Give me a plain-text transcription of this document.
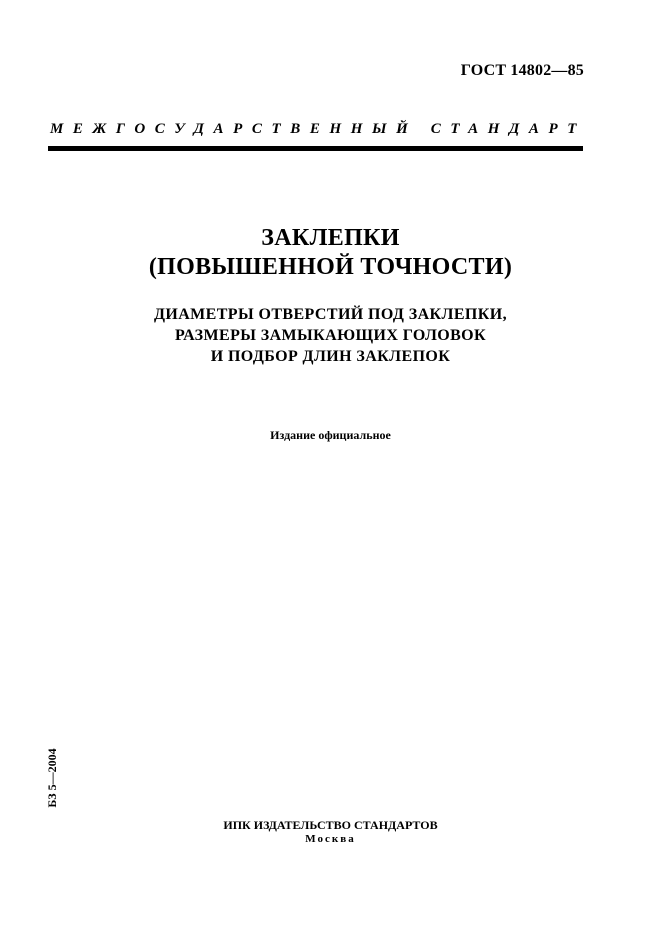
ГОСТ 14802—85
МЕЖГОСУДАРСТВЕННЫЙ СТАНДАРТ
ЗАКЛЕПКИ
(ПОВЫШЕННОЙ ТОЧНОСТИ)
ДИАМЕТРЫ ОТВЕРСТИЙ ПОД ЗАКЛЕПКИ,
РАЗМЕРЫ ЗАМЫКАЮЩИХ ГОЛОВОК
И ПОДБОР ДЛИН ЗАКЛЕПОК
Издание официальное
БЗ 5—2004
ИПК ИЗДАТЕЛЬСТВО СТАНДАРТОВ
Москва
